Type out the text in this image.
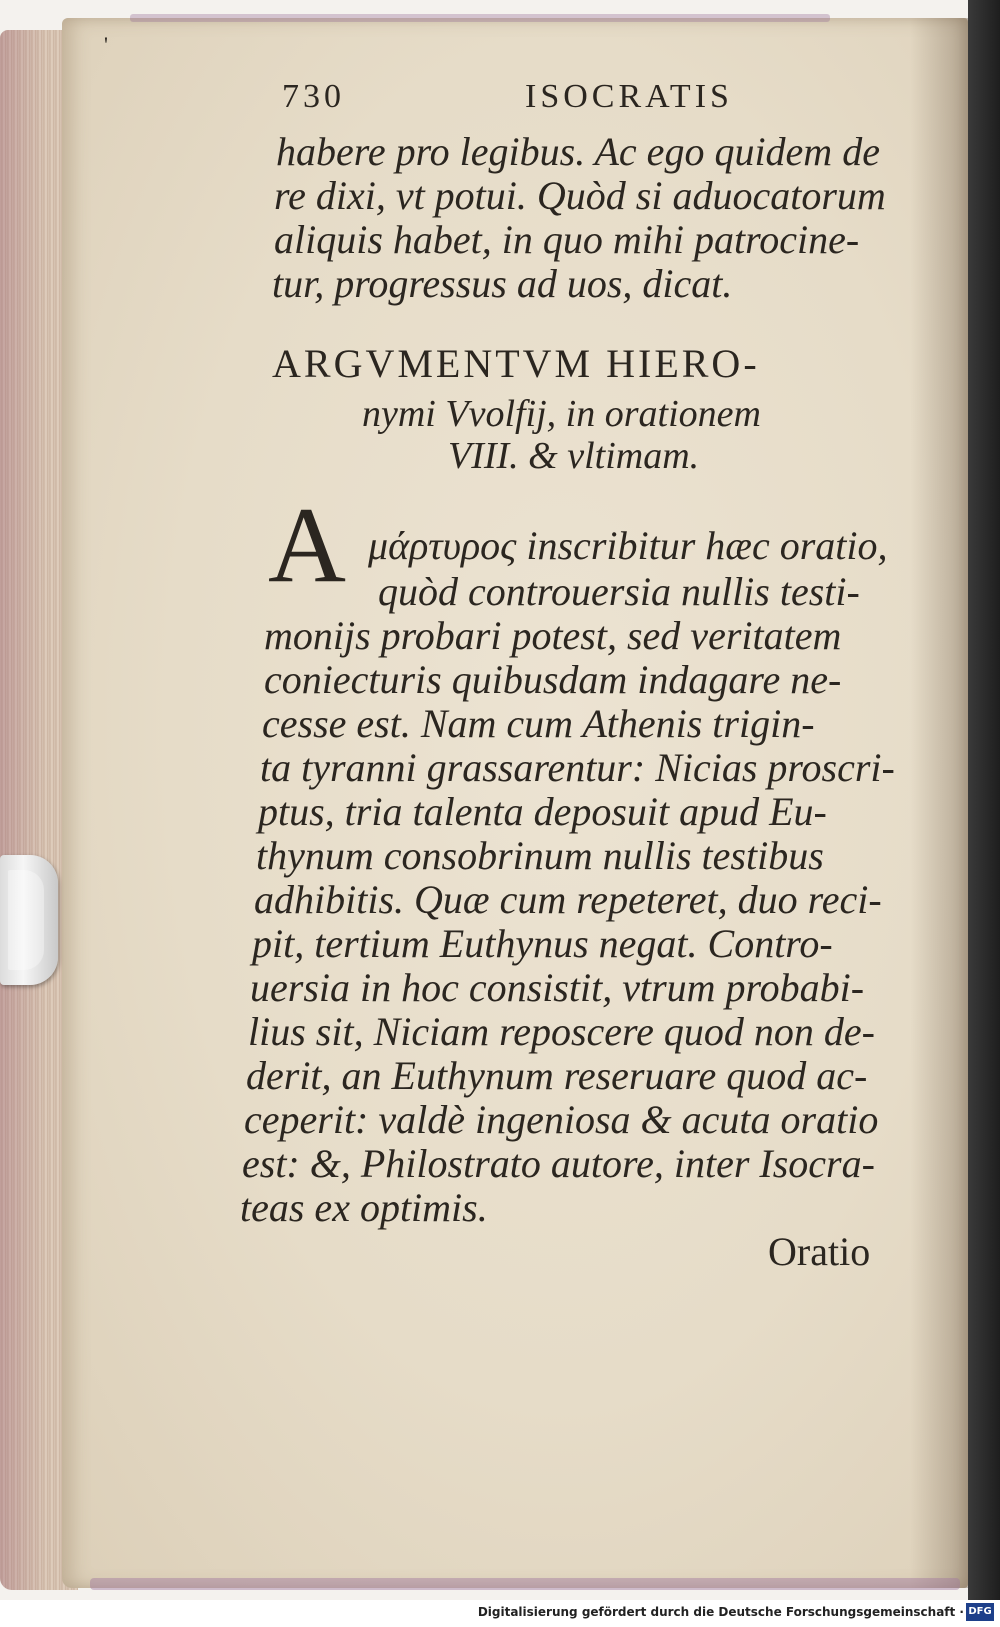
'
730	ISOCRATIS
habere pro legibus. Ac ego quidem de
re dixi, vt potui. Quòd si aduocatorum
aliquis habet, in quo mihi patrocine-
tur, progressus ad uos, dicat.
ARGVMENTVM HIERO-
nymi Vvolfij, in orationem
VIII. & vltimam.
A μάρτυρος inscribitur hæc oratio,
quòd controuersia nullis testi-
monijs probari potest, sed veritatem
coniecturis quibusdam indagare ne-
cesse est. Nam cum Athenis trigin-
ta tyranni grassarentur: Nicias proscri-
ptus, tria talenta deposuit apud Eu-
thynum consobrinum nullis testibus
adhibitis. Quæ cum repeteret, duo reci-
pit, tertium Euthynus negat. Contro-
uersia in hoc consistit, vtrum probabi-
lius sit, Niciam reposcere quod non de-
derit, an Euthynum reseruare quod ac-
ceperit: valdè ingeniosa & acuta oratio
est: &, Philostrato autore, inter Isocra-
teas ex optimis.
Oratio
Digitalisierung gefördert durch die Deutsche Forschungsgemeinschaft · DFG
